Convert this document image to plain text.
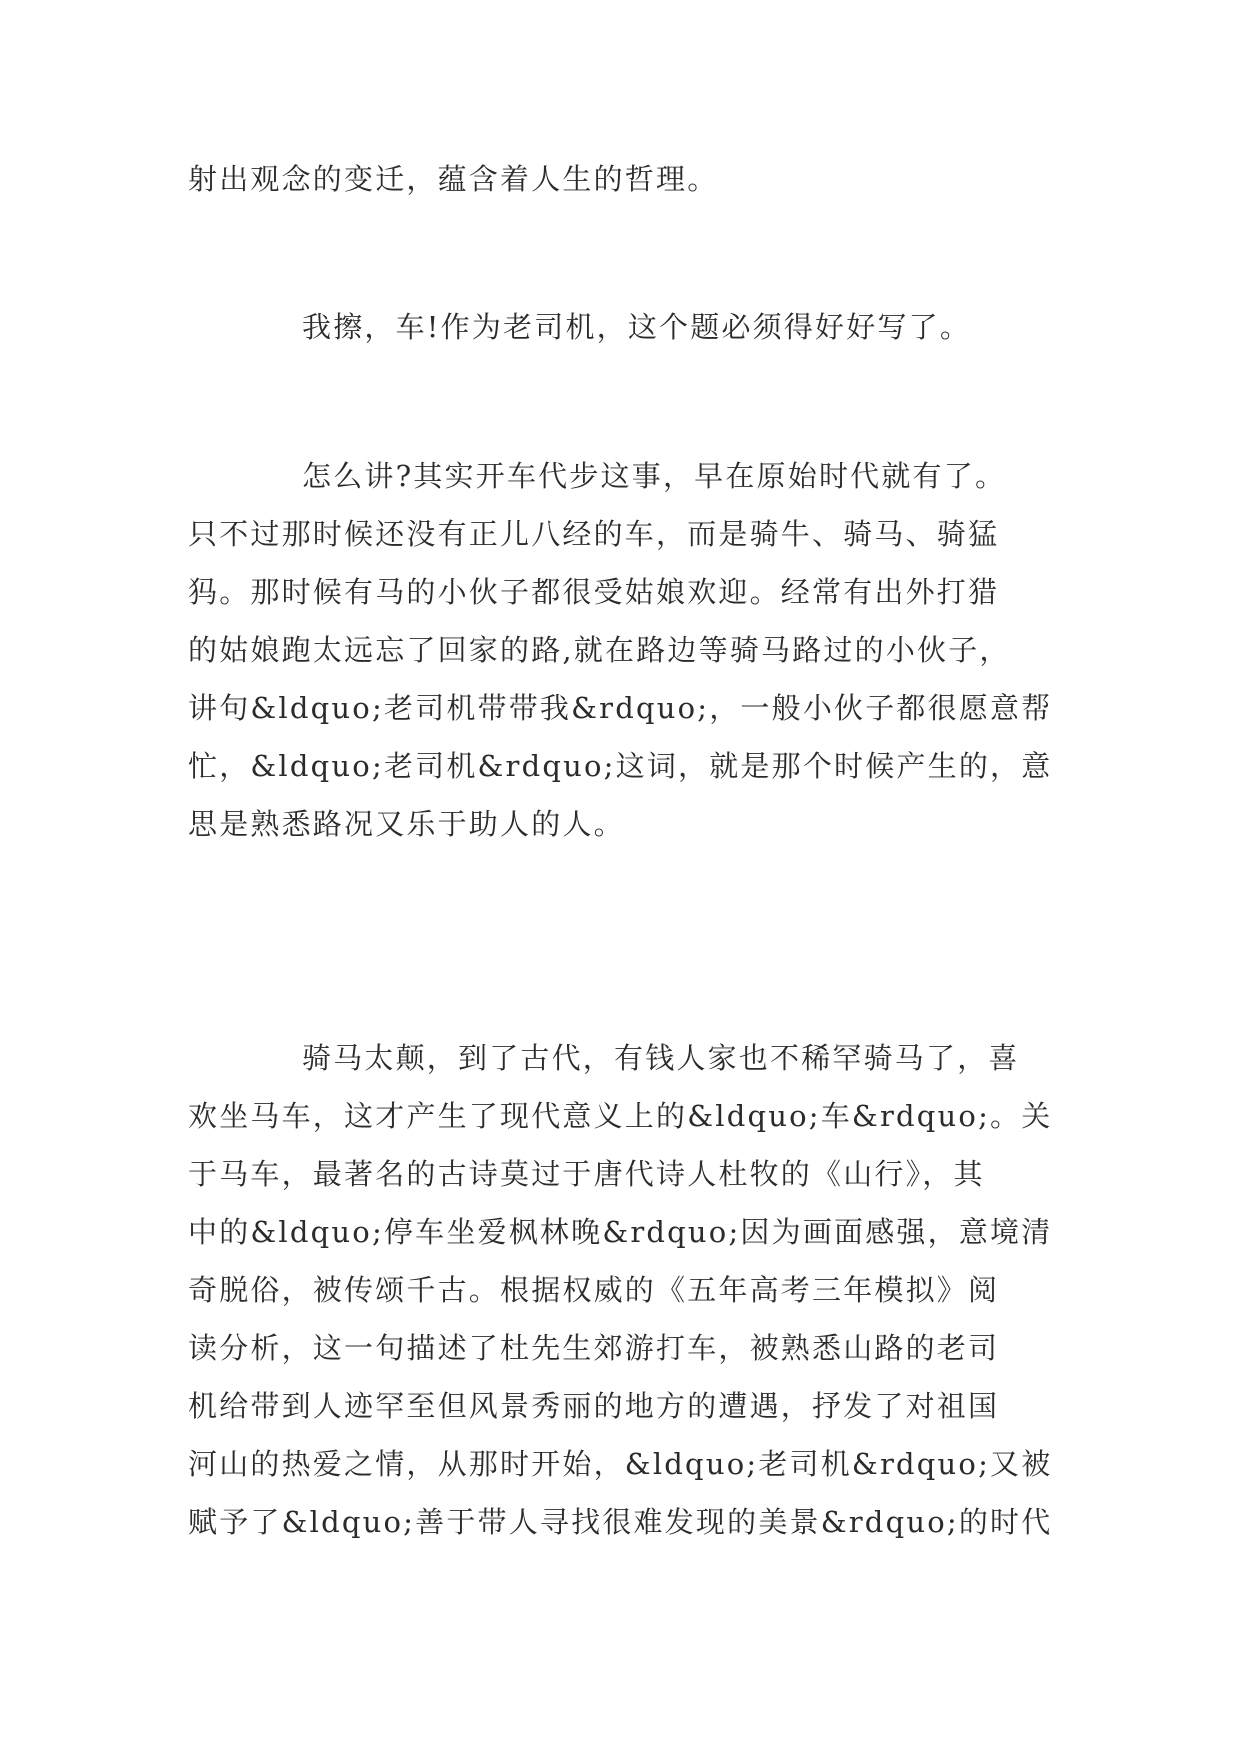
射出观念的变迁，蕴含着人生的哲理。
我擦，车!作为老司机，这个题必须得好好写了。
怎么讲?其实开车代步这事，早在原始时代就有了。
只不过那时候还没有正儿八经的车，而是骑牛、骑马、骑猛
犸。那时候有马的小伙子都很受姑娘欢迎。经常有出外打猎
的姑娘跑太远忘了回家的路,就在路边等骑马路过的小伙子，
讲句&ldquo;老司机带带我&rdquo;，一般小伙子都很愿意帮
忙，&ldquo;老司机&rdquo;这词，就是那个时候产生的，意
思是熟悉路况又乐于助人的人。
骑马太颠，到了古代，有钱人家也不稀罕骑马了，喜
欢坐马车，这才产生了现代意义上的&ldquo;车&rdquo;。关
于马车，最著名的古诗莫过于唐代诗人杜牧的《山行》，其
中的&ldquo;停车坐爱枫林晚&rdquo;因为画面感强，意境清
奇脱俗，被传颂千古。根据权威的《五年高考三年模拟》阅
读分析，这一句描述了杜先生郊游打车，被熟悉山路的老司
机给带到人迹罕至但风景秀丽的地方的遭遇，抒发了对祖国
河山的热爱之情，从那时开始，&ldquo;老司机&rdquo;又被
赋予了&ldquo;善于带人寻找很难发现的美景&rdquo;的时代
